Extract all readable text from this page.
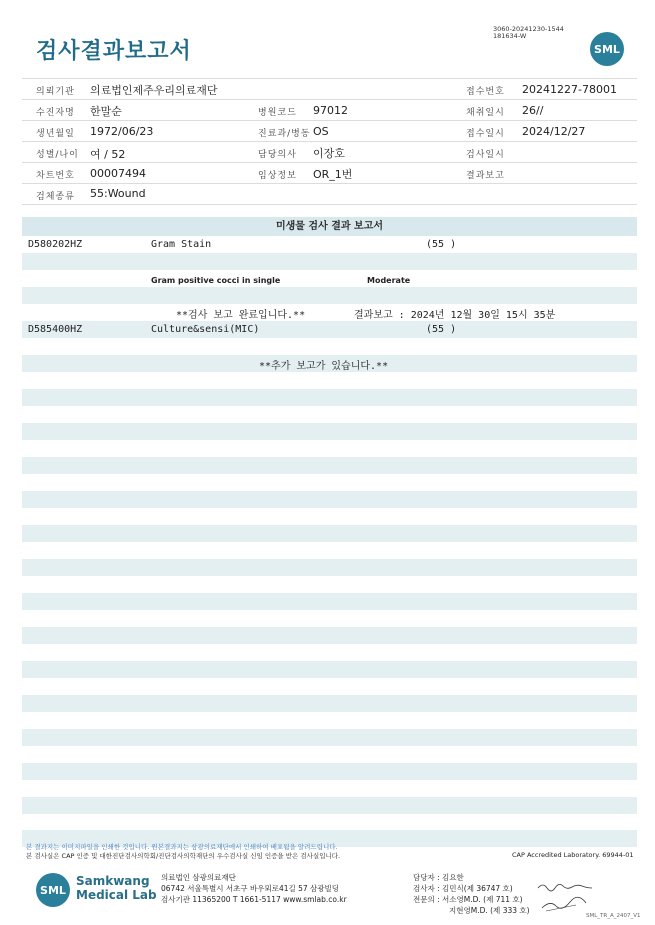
검사결과보고서
3060-20241230-1544
181634-W
SML
의뢰기관 의료법인제주우리의료재단	접수번호 20241227-78001
수진자명 한말순	병원코드 97012	채취일시 26//
생년월일 1972/06/23	진료과/병동 OS	접수일시 2024/12/27
성별/나이 여 / 52	담당의사 이장호	검사일시
차트번호 00007494	임상정보 OR_1번	결과보고
검체종류 55:Wound
미생물 검사 결과 보고서
D580202HZ	Gram Stain	(55 )
Gram positive cocci in single	Moderate
**검사 보고 완료입니다.**	결과보고 : 2024년 12월 30일 15시 35분
D585400HZ	Culture&sensi(MIC)	(55 )
**추가 보고가 있습니다.**
본 결과지는 이미지파일을 인쇄한 것입니다. 원본결과지는 삼광의료재단에서 인쇄하여 배포됨을 알려드립니다.
본 검사실은 CAP 인증 및 대한진단검사의학회/진단검사의학재단의 우수검사실 신임 인증을 받은 검사실입니다.	CAP Accredited Laboratory. 69944-01
SML
Samkwang
Medical Lab
의료법인 삼광의료재단
06742 서울특별시 서초구 바우뫼로41길 57 삼광빌딩
검사기관 11365200 T 1661-5117 www.smlab.co.kr
담당자 : 김요한
검사자 : 김민식(제 36747 호)
전문의 : 서소영M.D. (제 711 호)
지현영M.D. (제 333 호)
SML_TR_A_2407_V1
